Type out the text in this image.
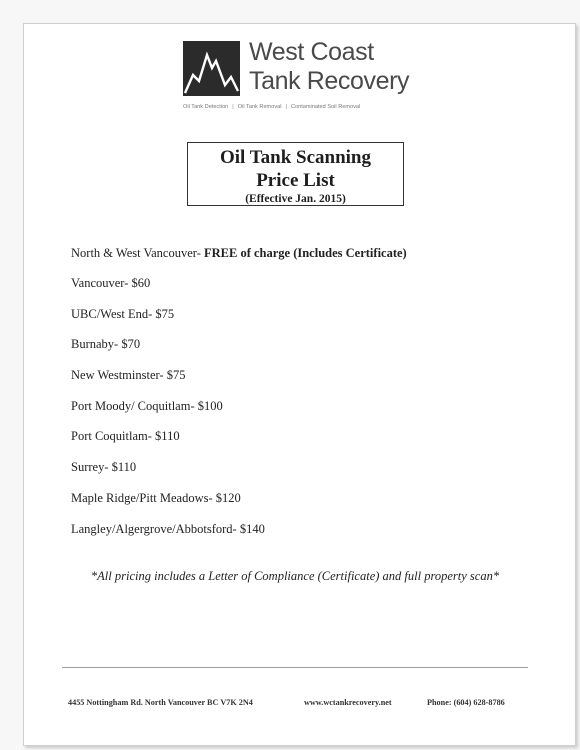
West Coast
Tank Recovery
Oil Tank Detection | Oil Tank Removal | Contaminated Soil Removal
Oil Tank Scanning
Price List
(Effective Jan. 2015)
North & West Vancouver- FREE of charge (Includes Certificate)
Vancouver- $60
UBC/West End- $75
Burnaby- $70
New Westminster- $75
Port Moody/ Coquitlam- $100
Port Coquitlam- $110
Surrey- $110
Maple Ridge/Pitt Meadows- $120
Langley/Algergrove/Abbotsford- $140
*All pricing includes a Letter of Compliance (Certificate) and full property scan*
4455 Nottingham Rd. North Vancouver BC V7K 2N4	www.wctankrecovery.net	Phone: (604) 628-8786
